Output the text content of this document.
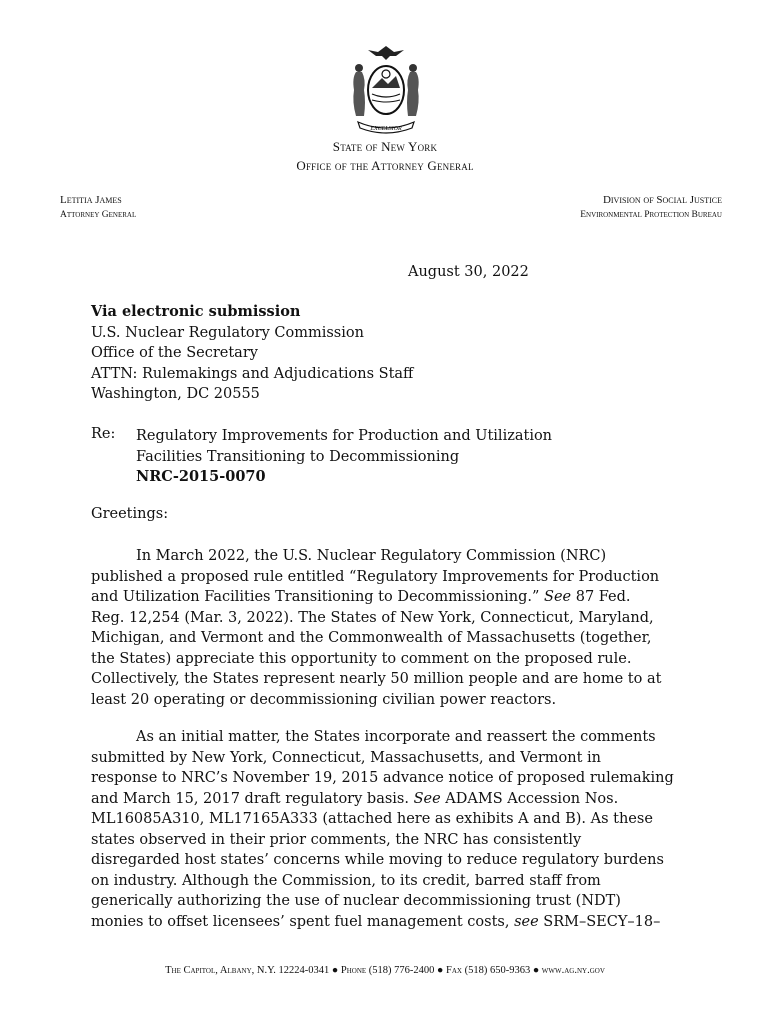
EXCELSIOR
State of New York
Office of the Attorney General
Letitia James
Attorney General
Division of Social Justice
Environmental Protection Bureau
August 30, 2022
Via electronic submission
U.S. Nuclear Regulatory Commission
Office of the Secretary
ATTN: Rulemakings and Adjudications Staff
Washington, DC 20555
Re: Regulatory Improvements for Production and Utilization
Facilities Transitioning to Decommissioning
NRC-2015-0070
Greetings:
In March 2022, the U.S. Nuclear Regulatory Commission (NRC)
published a proposed rule entitled “Regulatory Improvements for Production
and Utilization Facilities Transitioning to Decommissioning.” See 87 Fed.
Reg. 12,254 (Mar. 3, 2022). The States of New York, Connecticut, Maryland,
Michigan, and Vermont and the Commonwealth of Massachusetts (together,
the States) appreciate this opportunity to comment on the proposed rule.
Collectively, the States represent nearly 50 million people and are home to at
least 20 operating or decommissioning civilian power reactors.
As an initial matter, the States incorporate and reassert the comments
submitted by New York, Connecticut, Massachusetts, and Vermont in
response to NRC’s November 19, 2015 advance notice of proposed rulemaking
and March 15, 2017 draft regulatory basis. See ADAMS Accession Nos.
ML16085A310, ML17165A333 (attached here as exhibits A and B). As these
states observed in their prior comments, the NRC has consistently
disregarded host states’ concerns while moving to reduce regulatory burdens
on industry. Although the Commission, to its credit, barred staff from
generically authorizing the use of nuclear decommissioning trust (NDT)
monies to offset licensees’ spent fuel management costs, see SRM–SECY–18–
The Capitol, Albany, N.Y. 12224-0341 ● Phone (518) 776-2400 ● Fax (518) 650-9363 ● www.ag.ny.gov
